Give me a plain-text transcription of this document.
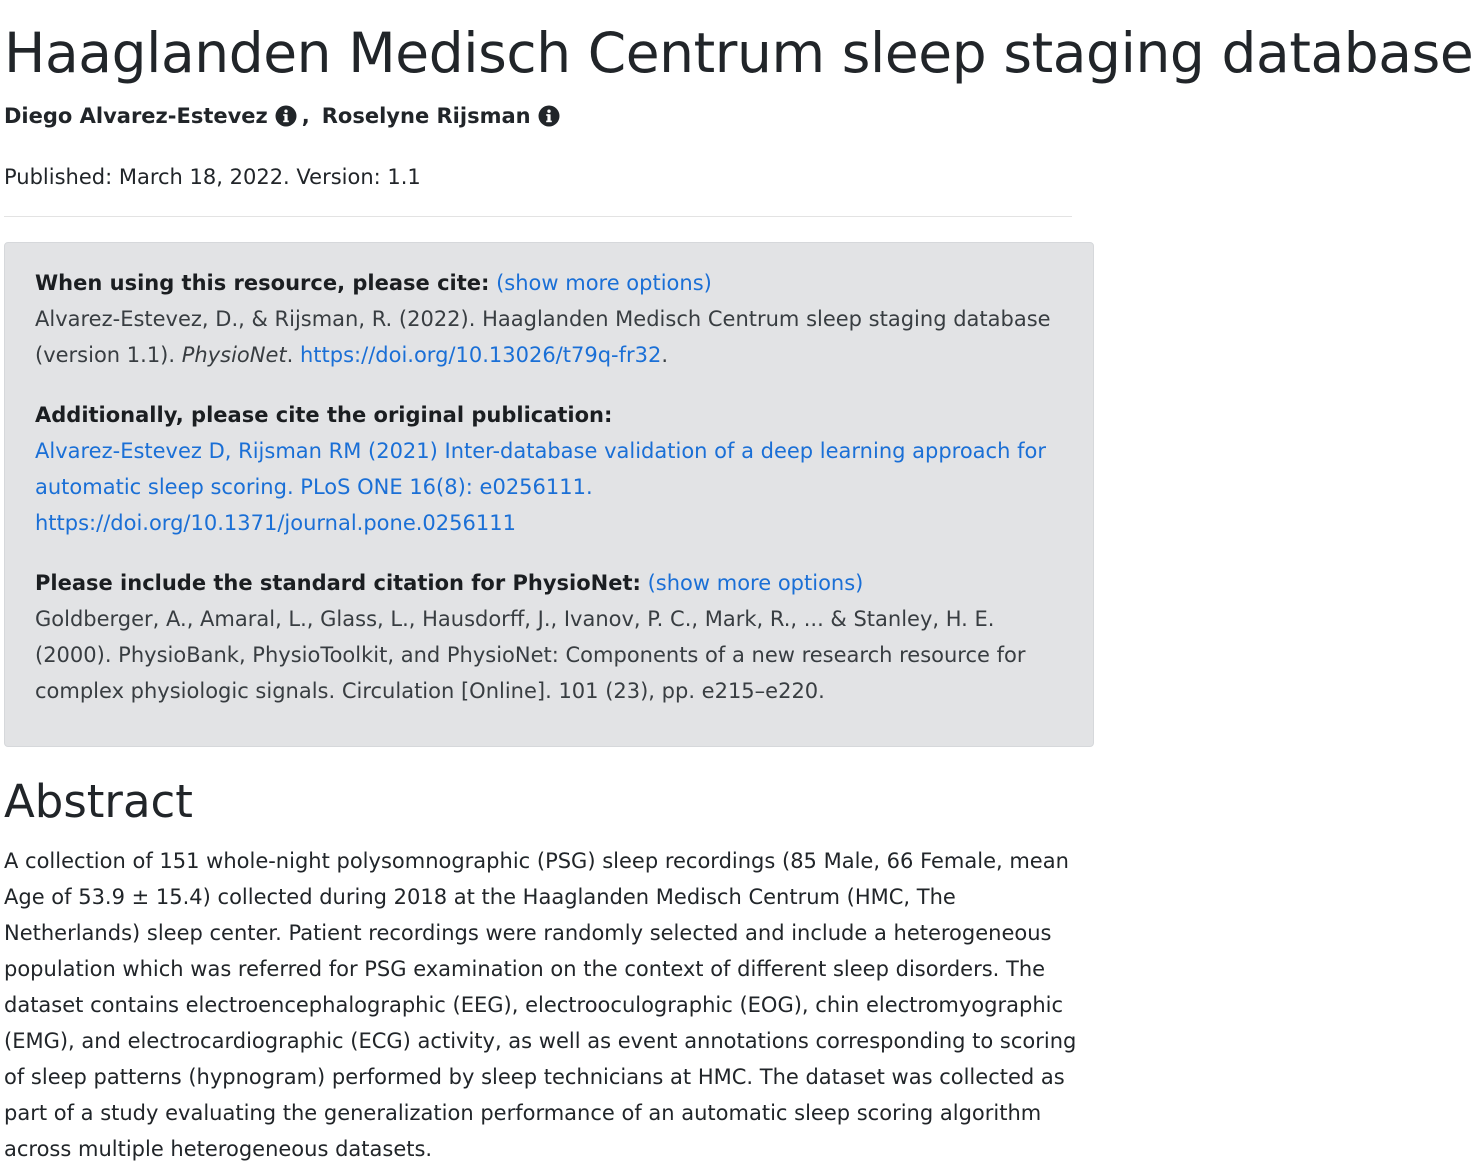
Haaglanden Medisch Centrum sleep staging database
Diego Alvarez-Estevez , Roselyne Rijsman
Published: March 18, 2022. Version: 1.1

When using this resource, please cite: (show more options)
Alvarez-Estevez, D., & Rijsman, R. (2022). Haaglanden Medisch Centrum sleep staging database (version 1.1). PhysioNet. https://doi.org/10.13026/t79q-fr32.

Additionally, please cite the original publication:
Alvarez-Estevez D, Rijsman RM (2021) Inter-database validation of a deep learning approach for automatic sleep scoring. PLoS ONE 16(8): e0256111.
https://doi.org/10.1371/journal.pone.0256111

Please include the standard citation for PhysioNet: (show more options)
Goldberger, A., Amaral, L., Glass, L., Hausdorff, J., Ivanov, P. C., Mark, R., ... & Stanley, H. E. (2000). PhysioBank, PhysioToolkit, and PhysioNet: Components of a new research resource for complex physiologic signals. Circulation [Online]. 101 (23), pp. e215–e220.

Abstract

A collection of 151 whole-night polysomnographic (PSG) sleep recordings (85 Male, 66 Female, mean Age of 53.9 ± 15.4) collected during 2018 at the Haaglanden Medisch Centrum (HMC, The Netherlands) sleep center. Patient recordings were randomly selected and include a heterogeneous population which was referred for PSG examination on the context of different sleep disorders. The dataset contains electroencephalographic (EEG), electrooculographic (EOG), chin electromyographic (EMG), and electrocardiographic (ECG) activity, as well as event annotations corresponding to scoring of sleep patterns (hypnogram) performed by sleep technicians at HMC. The dataset was collected as part of a study evaluating the generalization performance of an automatic sleep scoring algorithm across multiple heterogeneous datasets.
